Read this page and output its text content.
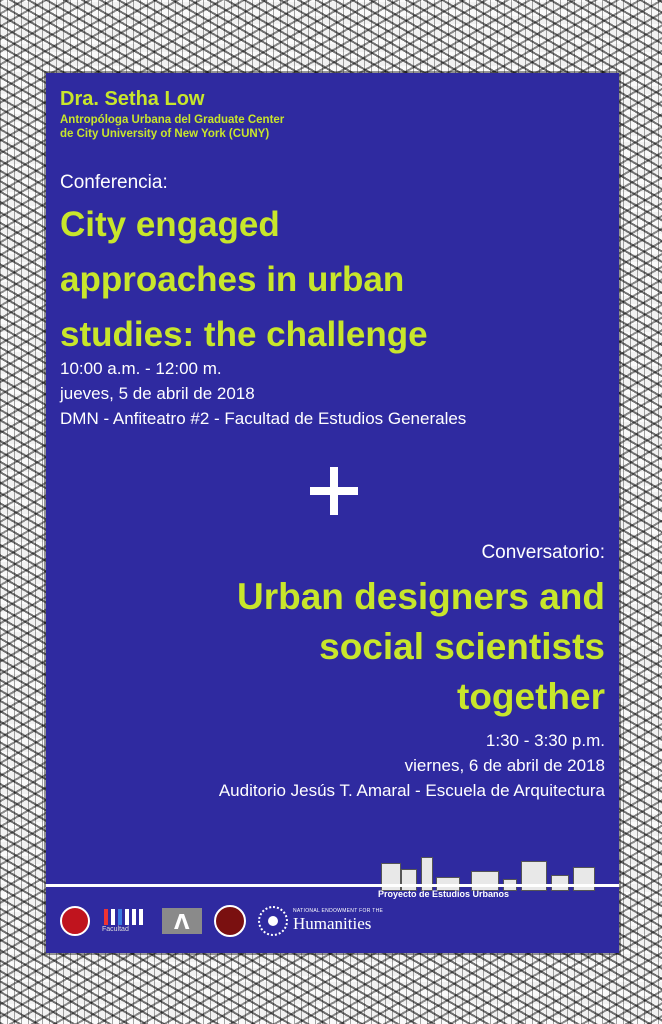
Dra. Setha Low
Antropóloga Urbana del Graduate Center
de City University of New York (CUNY)
Conferencia:
City engaged
approaches in urban
studies: the challenge
10:00 a.m. - 12:00 m.
jueves, 5 de abril de 2018
DMN - Anfiteatro #2 - Facultad de Estudios Generales
Conversatorio:
Urban designers and
social scientists
together
1:30 - 3:30 p.m.
viernes, 6 de abril de 2018
Auditorio Jesús T. Amaral - Escuela de Arquitectura
Proyecto de Estudios Urbanos
Facultad
Λ
NATIONAL ENDOWMENT FOR THE
Humanities
